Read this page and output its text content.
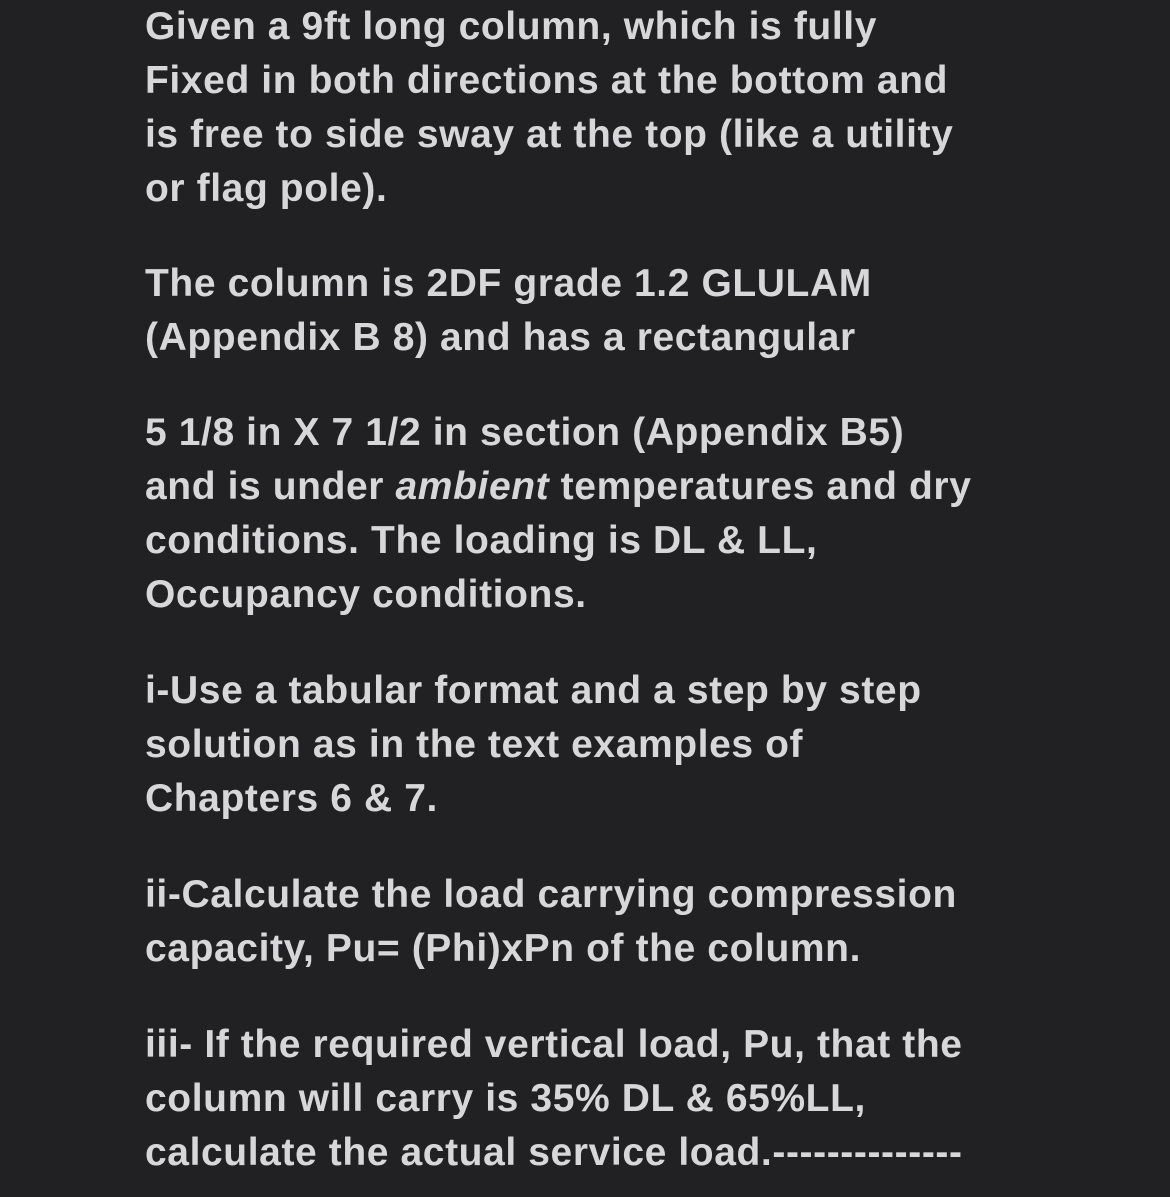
Given a 9ft long column, which is fully
Fixed in both directions at the bottom and
is free to side sway at the top (like a utility
or flag pole).
The column is 2DF grade 1.2 GLULAM
(Appendix B 8) and has a rectangular
5 1/8 in X 7 1/2 in section (Appendix B5)
and is under ambient temperatures and dry
conditions. The loading is DL & LL,
Occupancy conditions.
i-Use a tabular format and a step by step
solution as in the text examples of
Chapters 6 & 7.
ii-Calculate the load carrying compression
capacity, Pu= (Phi)xPn of the column.
iii- If the required vertical load, Pu, that the
column will carry is 35% DL & 65%LL,
calculate the actual service load.--------------
